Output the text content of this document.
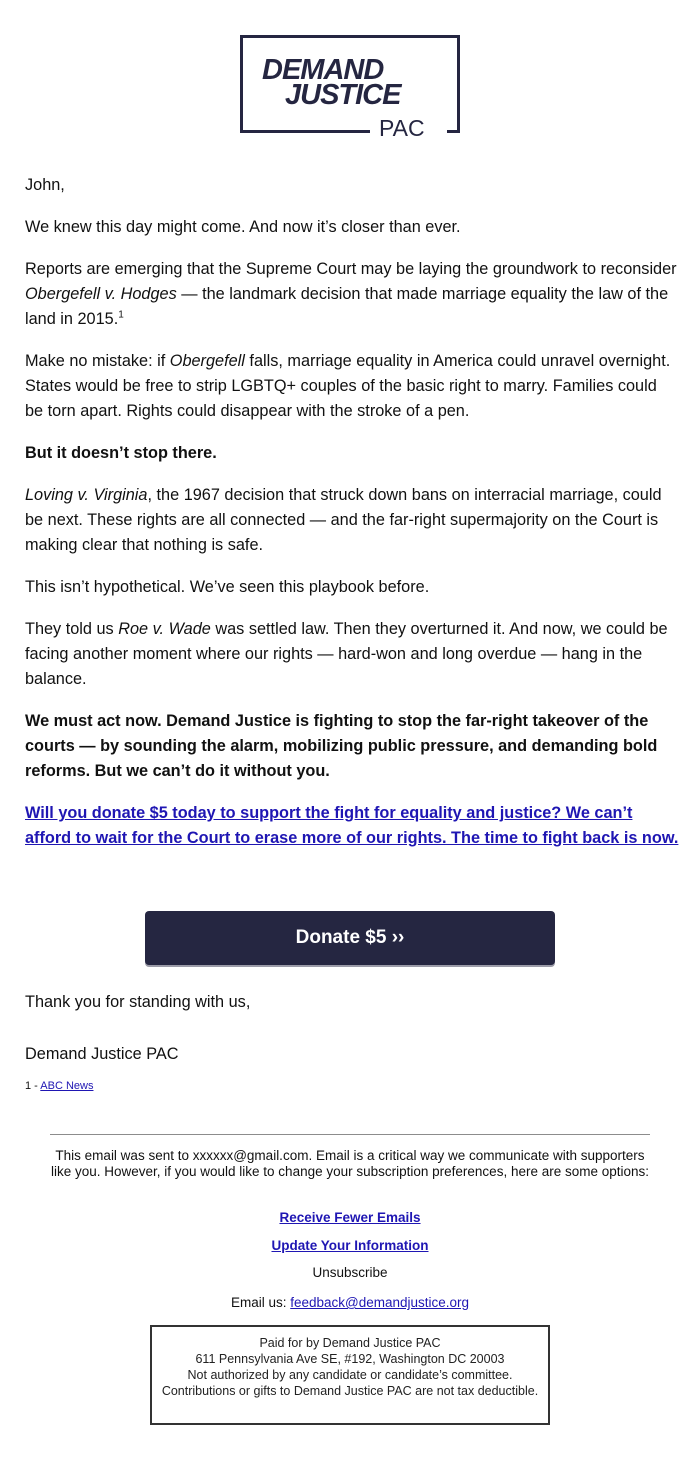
DEMAND
JUSTICE
PAC

John,

We knew this day might come. And now it’s closer than ever.

Reports are emerging that the Supreme Court may be laying the groundwork to reconsider Obergefell v. Hodges — the landmark decision that made marriage equality the law of the land in 2015.$^1$

Make no mistake: if Obergefell falls, marriage equality in America could unravel overnight. States would be free to strip LGBTQ+ couples of the basic right to marry. Families could be torn apart. Rights could disappear with the stroke of a pen.

But it doesn’t stop there.

Loving v. Virginia, the 1967 decision that struck down bans on interracial marriage, could be next. These rights are all connected — and the far-right supermajority on the Court is making clear that nothing is safe.

This isn’t hypothetical. We’ve seen this playbook before.

They told us Roe v. Wade was settled law. Then they overturned it. And now, we could be facing another moment where our rights — hard-won and long overdue — hang in the balance.

We must act now. Demand Justice is fighting to stop the far-right takeover of the courts — by sounding the alarm, mobilizing public pressure, and demanding bold reforms. But we can’t do it without you.

Will you donate $5 today to support the fight for equality and justice? We can’t afford to wait for the Court to erase more of our rights. The time to fight back is now.

Donate $5 ››

Thank you for standing with us,

Demand Justice PAC

1 - ABC News

This email was sent to xxxxxx@gmail.com. Email is a critical way we communicate with supporters like you. However, if you would like to change your subscription preferences, here are some options:

Receive Fewer Emails
Update Your Information
Unsubscribe
Email us: feedback@demandjustice.org
Paid for by Demand Justice PAC
611 Pennsylvania Ave SE, #192, Washington DC 20003
Not authorized by any candidate or candidate’s committee.
Contributions or gifts to Demand Justice PAC are not tax deductible.
